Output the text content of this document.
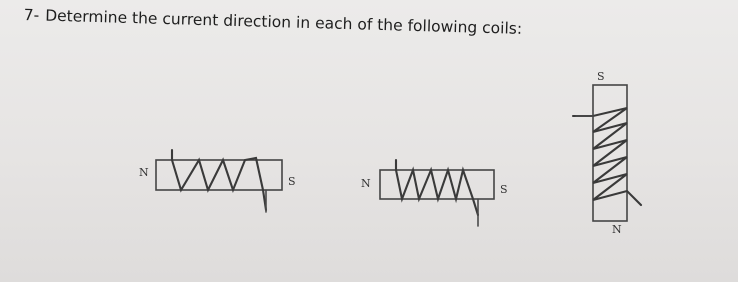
7- Determine the current direction in each of the following coils:
N
S	N	S
S
N
